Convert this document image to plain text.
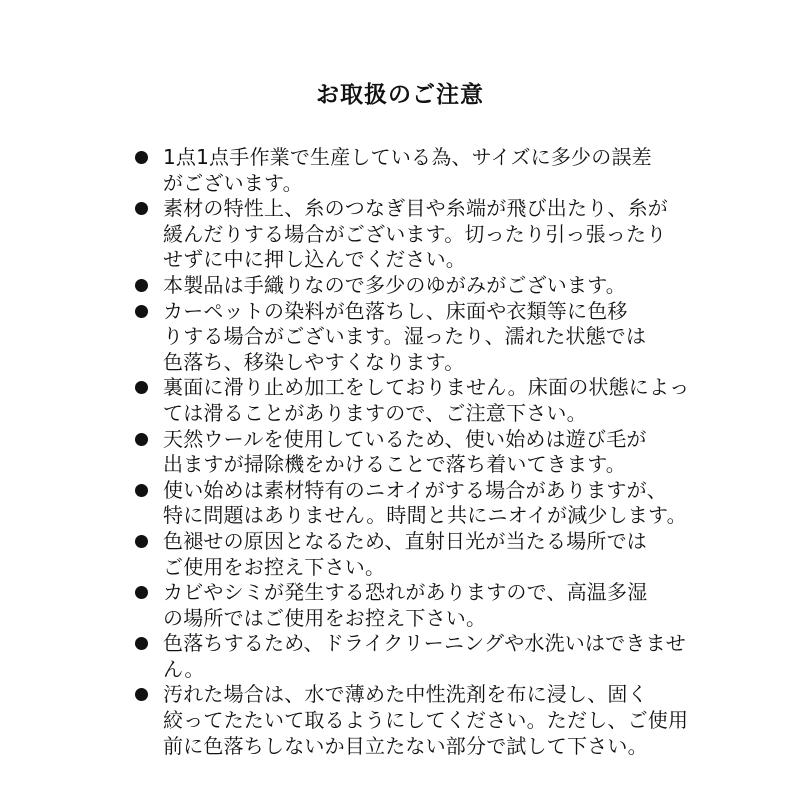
お取扱のご注意
1点1点手作業で生産している為、サイズに多少の誤差
がございます。
素材の特性上、糸のつなぎ目や糸端が飛び出たり、糸が
緩んだりする場合がございます。切ったり引っ張ったり
せずに中に押し込んでください。
本製品は手織りなので多少のゆがみがございます。
カーペットの染料が色落ちし、床面や衣類等に色移
りする場合がございます。湿ったり、濡れた状態では
色落ち、移染しやすくなります。
裏面に滑り止め加工をしておりません。床面の状態によっ
ては滑ることがありますので、ご注意下さい。
天然ウールを使用しているため、使い始めは遊び毛が
出ますが掃除機をかけることで落ち着いてきます。
使い始めは素材特有のニオイがする場合がありますが、
特に問題はありません。時間と共にニオイが減少します。
色褪せの原因となるため、直射日光が当たる場所では
ご使用をお控え下さい。
カビやシミが発生する恐れがありますので、高温多湿
の場所ではご使用をお控え下さい。
色落ちするため、ドライクリーニングや水洗いはできません。
汚れた場合は、水で薄めた中性洗剤を布に浸し、固く
絞ってたたいて取るようにしてください。ただし、ご使用
前に色落ちしないか目立たない部分で試して下さい。
